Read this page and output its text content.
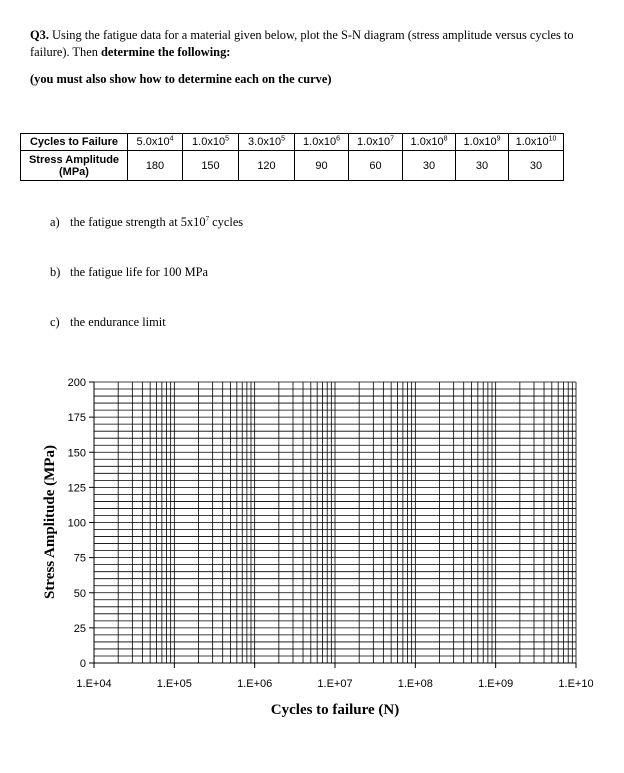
Q3. Using the fatigue data for a material given below, plot the S-N diagram (stress amplitude versus cycles to failure). Then determine the following:
(you must also show how to determine each on the curve)
Cycles to Failure	$5.0x10^4$	$1.0x10^5$	$3.0x10^5$	$1.0x10^6$	$1.0x10^7$	$1.0x10^8$	$1.0x10^9$	$1.0x10^{10}$
Stress Amplitude
(MPa)	180	150	120	90	60	30	30	30
a) the fatigue strength at $5x10^7$ cycles
b) the fatigue life for 100 MPa
c) the endurance limit
0
25
50
75
100
125
150
175
200
1.E+04	1.E+05	1.E+06	1.E+07	1.E+08	1.E+09	1.E+10
Cycles to failure (N)
Stress Amplitude (MPa)
